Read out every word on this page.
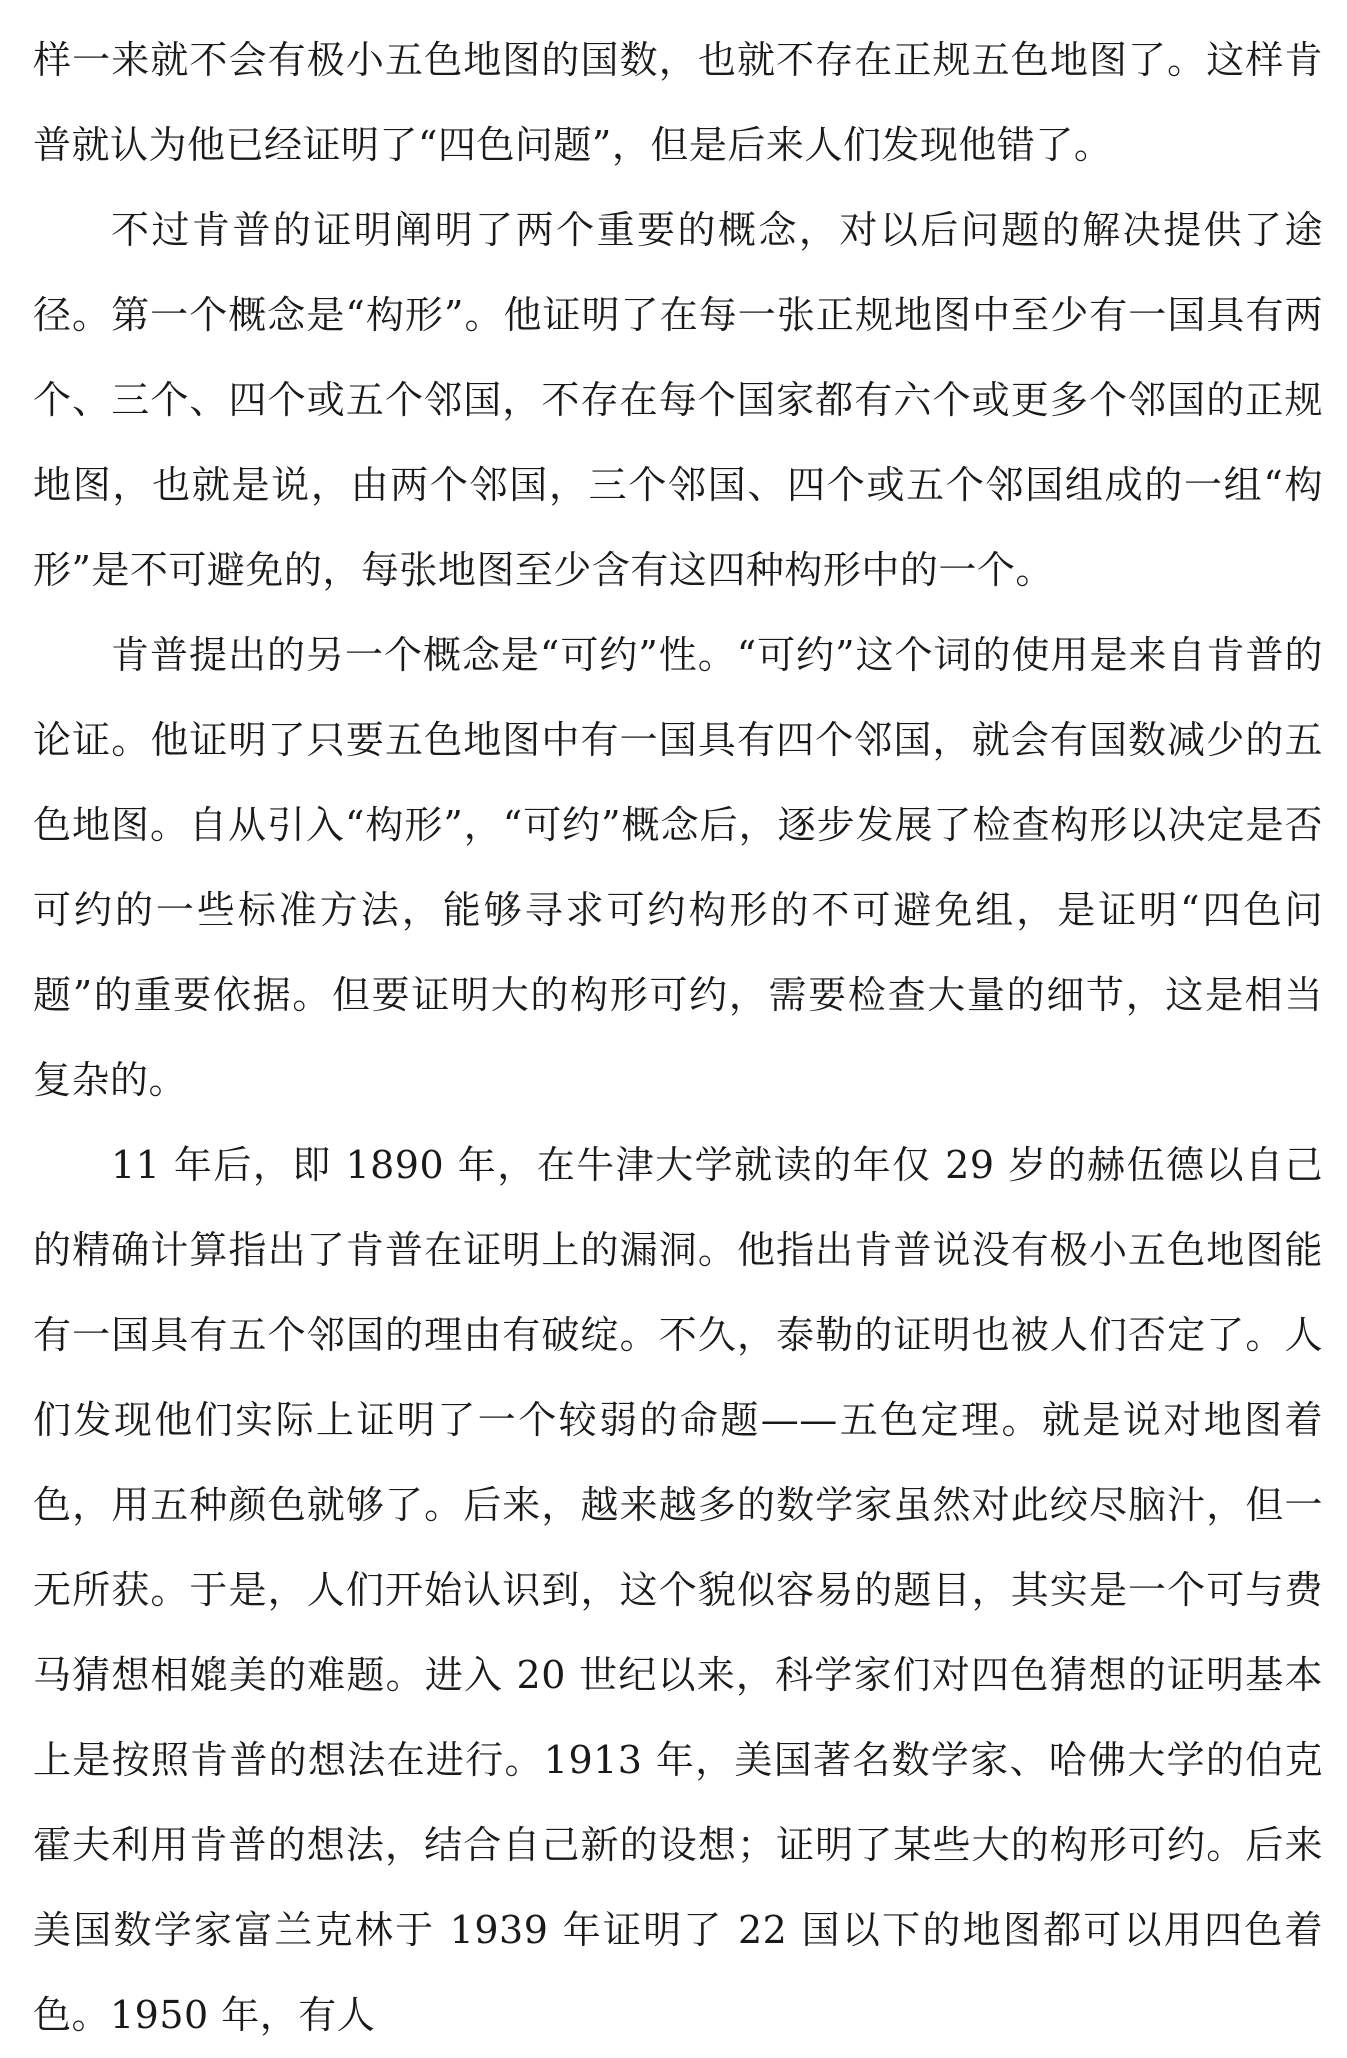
样一来就不会有极小五色地图的国数，也就不存在正规五色地图了。这样肯普就认为他已经证明了“四色问题”，但是后来人们发现他错了。

不过肯普的证明阐明了两个重要的概念，对以后问题的解决提供了途径。第一个概念是“构形”。他证明了在每一张正规地图中至少有一国具有两个、三个、四个或五个邻国，不存在每个国家都有六个或更多个邻国的正规地图，也就是说，由两个邻国，三个邻国、四个或五个邻国组成的一组“构形”是不可避免的，每张地图至少含有这四种构形中的一个。

肯普提出的另一个概念是“可约”性。“可约”这个词的使用是来自肯普的论证。他证明了只要五色地图中有一国具有四个邻国，就会有国数减少的五色地图。自从引入“构形”，“可约”概念后，逐步发展了检查构形以决定是否可约的一些标准方法，能够寻求可约构形的不可避免组，是证明“四色问题”的重要依据。但要证明大的构形可约，需要检查大量的细节，这是相当复杂的。

11 年后，即 1890 年，在牛津大学就读的年仅 29 岁的赫伍德以自己的精确计算指出了肯普在证明上的漏洞。他指出肯普说没有极小五色地图能有一国具有五个邻国的理由有破绽。不久，泰勒的证明也被人们否定了。人们发现他们实际上证明了一个较弱的命题——五色定理。就是说对地图着色，用五种颜色就够了。后来，越来越多的数学家虽然对此绞尽脑汁，但一无所获。于是，人们开始认识到，这个貌似容易的题目，其实是一个可与费马猜想相媲美的难题。进入 20 世纪以来，科学家们对四色猜想的证明基本上是按照肯普的想法在进行。1913 年，美国著名数学家、哈佛大学的伯克霍夫利用肯普的想法，结合自己新的设想；证明了某些大的构形可约。后来美国数学家富兰克林于 1939 年证明了 22 国以下的地图都可以用四色着色。1950 年，有人
